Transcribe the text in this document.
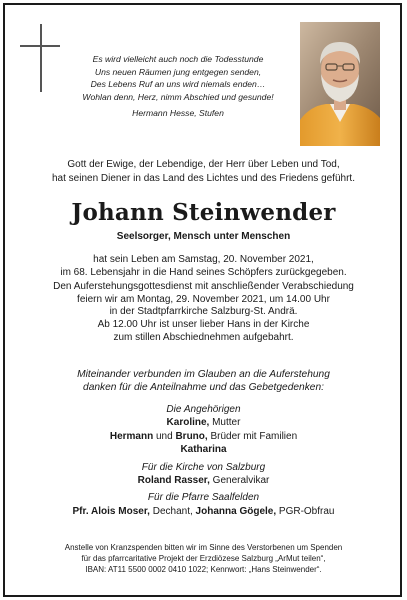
Es wird vielleicht auch noch die Todesstunde
Uns neuen Räumen jung entgegen senden,
Des Lebens Ruf an uns wird niemals enden…
Wohlan denn, Herz, nimm Abschied und gesunde!
Hermann Hesse, Stufen
Gott der Ewige, der Lebendige, der Herr über Leben und Tod,
hat seinen Diener in das Land des Lichtes und des Friedens geführt.
Johann Steinwender
Seelsorger, Mensch unter Menschen
hat sein Leben am Samstag, 20. November 2021,
im 68. Lebensjahr in die Hand seines Schöpfers zurückgegeben.
Den Auferstehungsgottesdienst mit anschließender Verabschiedung
feiern wir am Montag, 29. November 2021, um 14.00 Uhr
in der Stadtpfarrkirche Salzburg-St. Andrä.
Ab 12.00 Uhr ist unser lieber Hans in der Kirche
zum stillen Abschiednehmen aufgebahrt.
Miteinander verbunden im Glauben an die Auferstehung
danken für die Anteilnahme und das Gebetgedenken:
Die Angehörigen
Karoline, Mutter
Hermann und Bruno, Brüder mit Familien
Katharina
Für die Kirche von Salzburg
Roland Rasser, Generalvikar
Für die Pfarre Saalfelden
Pfr. Alois Moser, Dechant, Johanna Gögele, PGR-Obfrau
Anstelle von Kranzspenden bitten wir im Sinne des Verstorbenen um Spenden
für das pfarrcaritative Projekt der Erzdiözese Salzburg „ArMut teilen“,
IBAN: AT11 5500 0002 0410 1022; Kennwort: „Hans Steinwender“.
